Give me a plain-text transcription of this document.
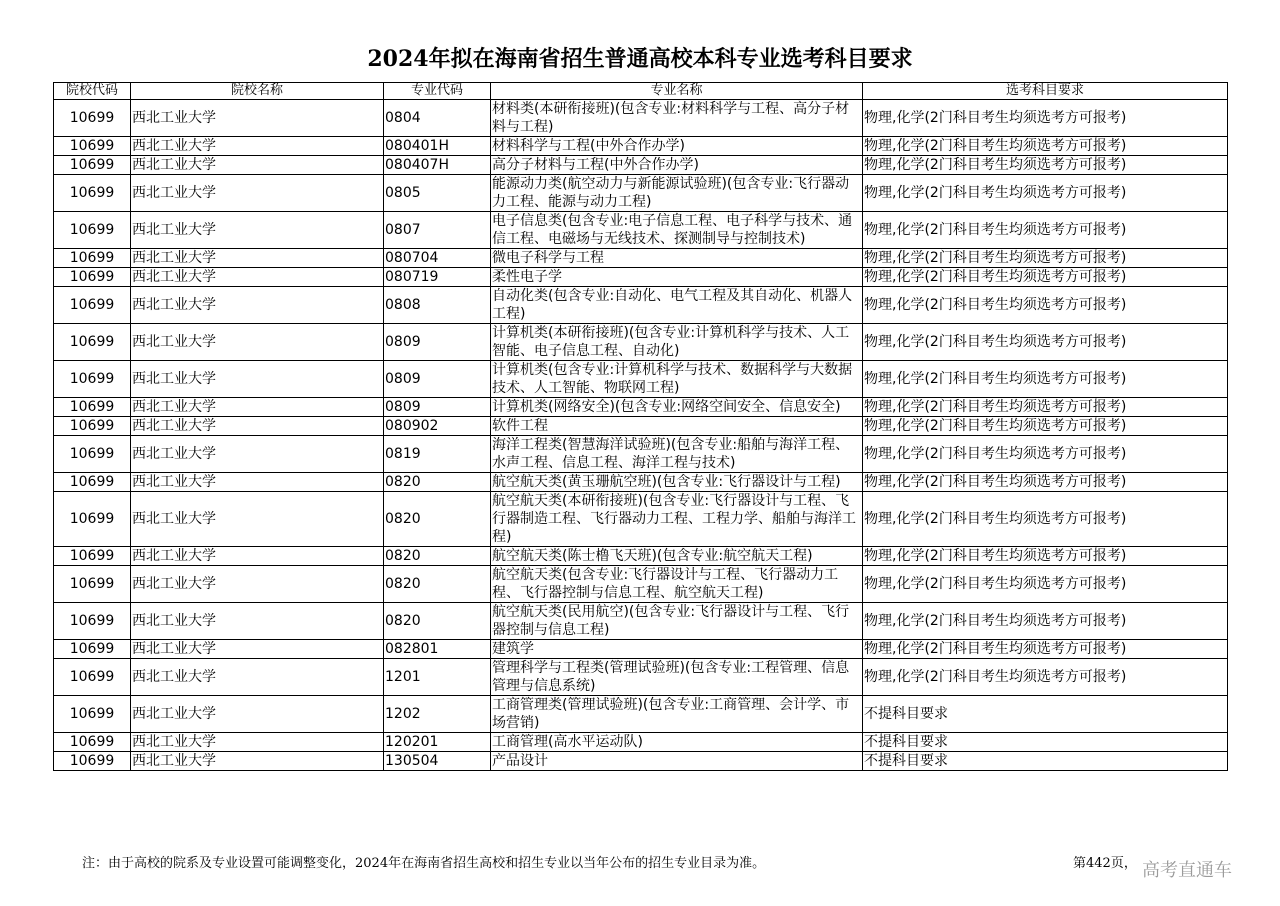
2024年拟在海南省招生普通高校本科专业选考科目要求
院校代码	院校名称	专业代码	专业名称	选考科目要求
10699	西北工业大学	0804	材料类(本研衔接班)(包含专业:材料科学与工程、高分子材料与工程)	物理,化学(2门科目考生均须选考方可报考)
10699	西北工业大学	080401H	材料科学与工程(中外合作办学)	物理,化学(2门科目考生均须选考方可报考)
10699	西北工业大学	080407H	高分子材料与工程(中外合作办学)	物理,化学(2门科目考生均须选考方可报考)
10699	西北工业大学	0805	能源动力类(航空动力与新能源试验班)(包含专业:飞行器动力工程、能源与动力工程)	物理,化学(2门科目考生均须选考方可报考)
10699	西北工业大学	0807	电子信息类(包含专业:电子信息工程、电子科学与技术、通信工程、电磁场与无线技术、探测制导与控制技术)	物理,化学(2门科目考生均须选考方可报考)
10699	西北工业大学	080704	微电子科学与工程	物理,化学(2门科目考生均须选考方可报考)
10699	西北工业大学	080719	柔性电子学	物理,化学(2门科目考生均须选考方可报考)
10699	西北工业大学	0808	自动化类(包含专业:自动化、电气工程及其自动化、机器人工程)	物理,化学(2门科目考生均须选考方可报考)
10699	西北工业大学	0809	计算机类(本研衔接班)(包含专业:计算机科学与技术、人工智能、电子信息工程、自动化)	物理,化学(2门科目考生均须选考方可报考)
10699	西北工业大学	0809	计算机类(包含专业:计算机科学与技术、数据科学与大数据技术、人工智能、物联网工程)	物理,化学(2门科目考生均须选考方可报考)
10699	西北工业大学	0809	计算机类(网络安全)(包含专业:网络空间安全、信息安全)	物理,化学(2门科目考生均须选考方可报考)
10699	西北工业大学	080902	软件工程	物理,化学(2门科目考生均须选考方可报考)
10699	西北工业大学	0819	海洋工程类(智慧海洋试验班)(包含专业:船舶与海洋工程、水声工程、信息工程、海洋工程与技术)	物理,化学(2门科目考生均须选考方可报考)
10699	西北工业大学	0820	航空航天类(黄玉珊航空班)(包含专业:飞行器设计与工程)	物理,化学(2门科目考生均须选考方可报考)
10699	西北工业大学	0820	航空航天类(本研衔接班)(包含专业:飞行器设计与工程、飞行器制造工程、飞行器动力工程、工程力学、船舶与海洋工程)	物理,化学(2门科目考生均须选考方可报考)
10699	西北工业大学	0820	航空航天类(陈士橹飞天班)(包含专业:航空航天工程)	物理,化学(2门科目考生均须选考方可报考)
10699	西北工业大学	0820	航空航天类(包含专业:飞行器设计与工程、飞行器动力工程、飞行器控制与信息工程、航空航天工程)	物理,化学(2门科目考生均须选考方可报考)
10699	西北工业大学	0820	航空航天类(民用航空)(包含专业:飞行器设计与工程、飞行器控制与信息工程)	物理,化学(2门科目考生均须选考方可报考)
10699	西北工业大学	082801	建筑学	物理,化学(2门科目考生均须选考方可报考)
10699	西北工业大学	1201	管理科学与工程类(管理试验班)(包含专业:工程管理、信息管理与信息系统)	物理,化学(2门科目考生均须选考方可报考)
10699	西北工业大学	1202	工商管理类(管理试验班)(包含专业:工商管理、会计学、市场营销)	不提科目要求
10699	西北工业大学	120201	工商管理(高水平运动队)	不提科目要求
10699	西北工业大学	130504	产品设计	不提科目要求
注：由于高校的院系及专业设置可能调整变化，2024年在海南省招生高校和招生专业以当年公布的招生专业目录为准。	第442页， 高考直通车
